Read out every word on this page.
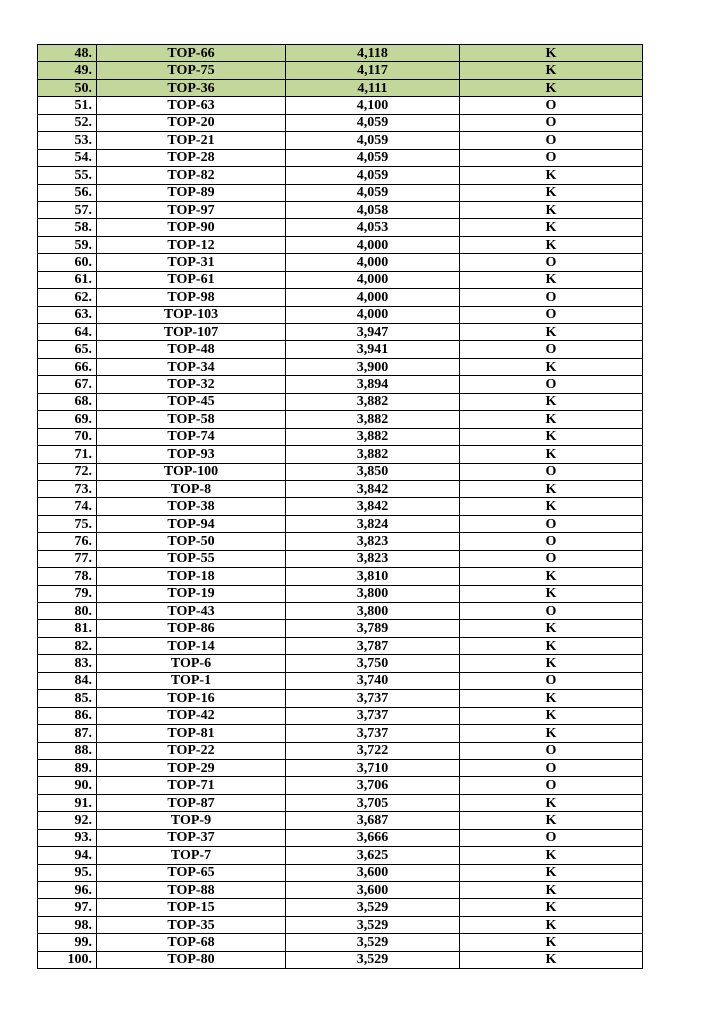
48.	TOP-66	4,118	K
49.	TOP-75	4,117	K
50.	TOP-36	4,111	K
51.	TOP-63	4,100	O
52.	TOP-20	4,059	O
53.	TOP-21	4,059	O
54.	TOP-28	4,059	O
55.	TOP-82	4,059	K
56.	TOP-89	4,059	K
57.	TOP-97	4,058	K
58.	TOP-90	4,053	K
59.	TOP-12	4,000	K
60.	TOP-31	4,000	O
61.	TOP-61	4,000	K
62.	TOP-98	4,000	O
63.	TOP-103	4,000	O
64.	TOP-107	3,947	K
65.	TOP-48	3,941	O
66.	TOP-34	3,900	K
67.	TOP-32	3,894	O
68.	TOP-45	3,882	K
69.	TOP-58	3,882	K
70.	TOP-74	3,882	K
71.	TOP-93	3,882	K
72.	TOP-100	3,850	O
73.	TOP-8	3,842	K
74.	TOP-38	3,842	K
75.	TOP-94	3,824	O
76.	TOP-50	3,823	O
77.	TOP-55	3,823	O
78.	TOP-18	3,810	K
79.	TOP-19	3,800	K
80.	TOP-43	3,800	O
81.	TOP-86	3,789	K
82.	TOP-14	3,787	K
83.	TOP-6	3,750	K
84.	TOP-1	3,740	O
85.	TOP-16	3,737	K
86.	TOP-42	3,737	K
87.	TOP-81	3,737	K
88.	TOP-22	3,722	O
89.	TOP-29	3,710	O
90.	TOP-71	3,706	O
91.	TOP-87	3,705	K
92.	TOP-9	3,687	K
93.	TOP-37	3,666	O
94.	TOP-7	3,625	K
95.	TOP-65	3,600	K
96.	TOP-88	3,600	K
97.	TOP-15	3,529	K
98.	TOP-35	3,529	K
99.	TOP-68	3,529	K
100.	TOP-80	3,529	K
